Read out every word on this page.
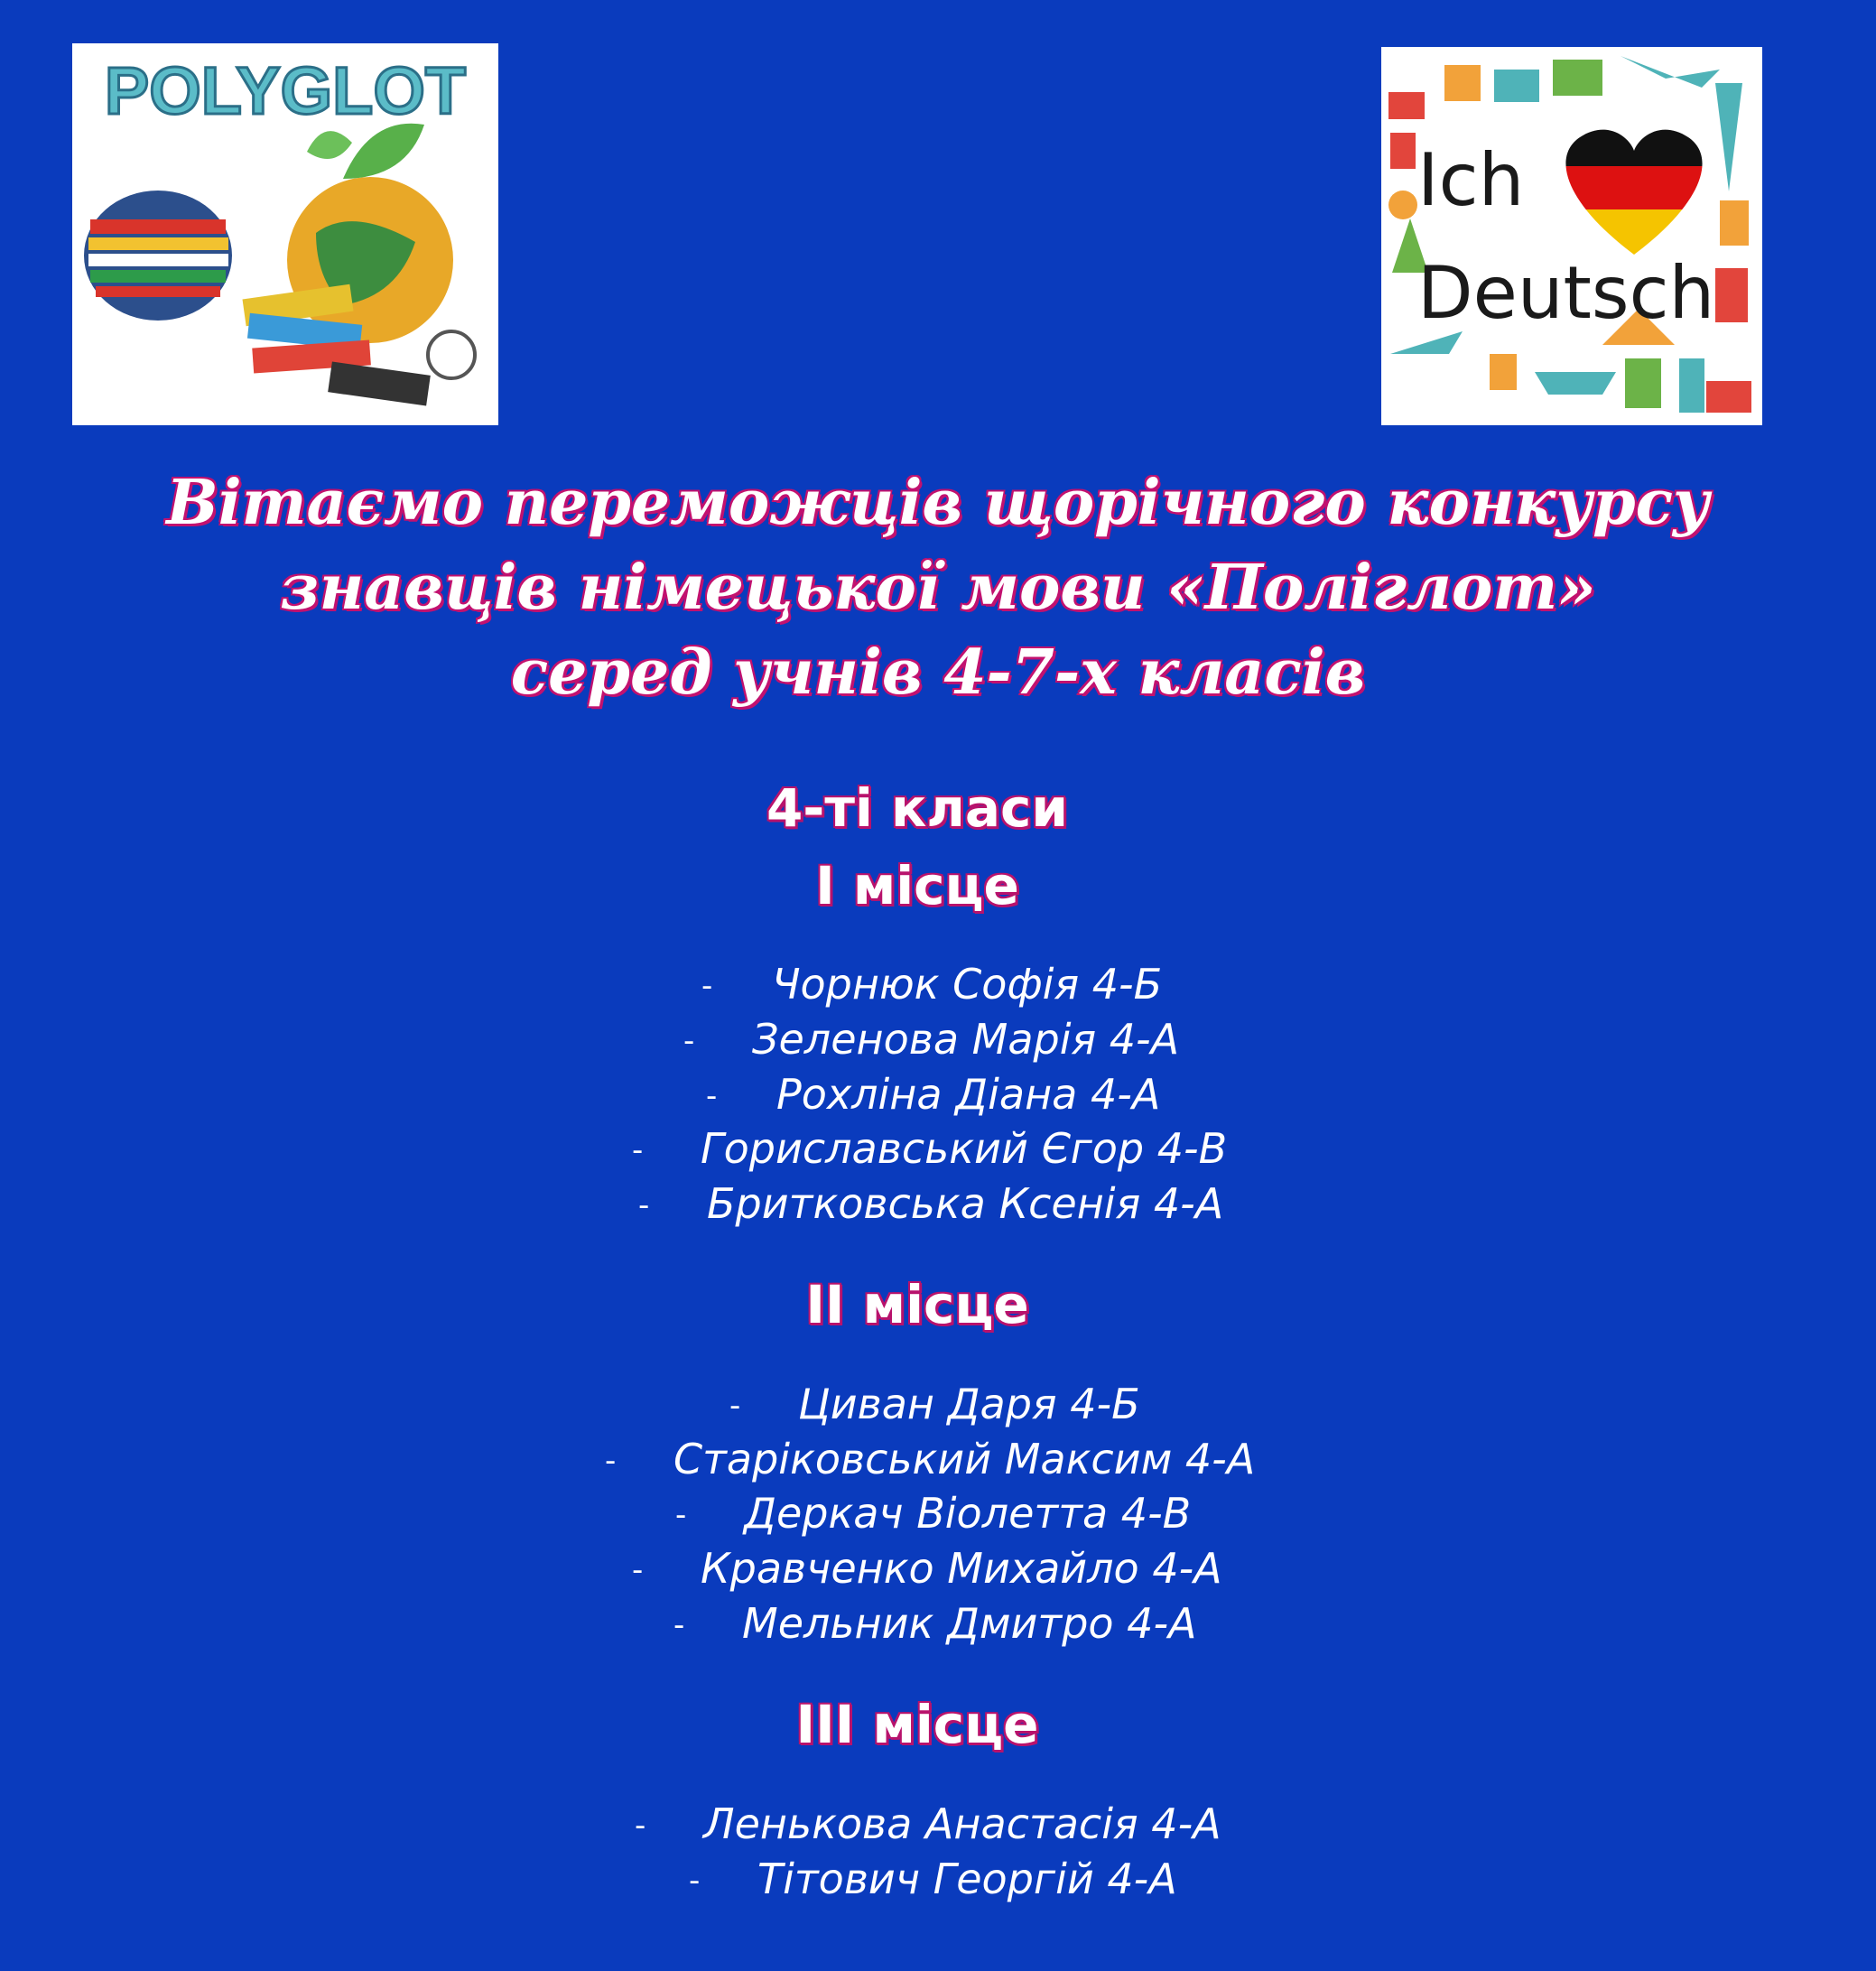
POLYGLOT
Ich
Deutsch
Вітаємо переможців щорічного конкурсу
знавців німецької мови «Поліглот»
серед учнів 4-7-х класів
4-ті класи
I місце
- Чорнюк Софія 4-Б
- Зеленова Марія 4-А
- Рохліна Діана 4-А
- Гориславський Єгор 4-В
- Бритковська Ксенія 4-А
II місце
- Циван Даря 4-Б
- Старіковський Максим 4-А
- Деркач Віолетта 4-В
- Кравченко Михайло 4-А
- Мельник Дмитро 4-А
III місце
- Ленькова Анастасія 4-А
- Тітович Георгій 4-А
